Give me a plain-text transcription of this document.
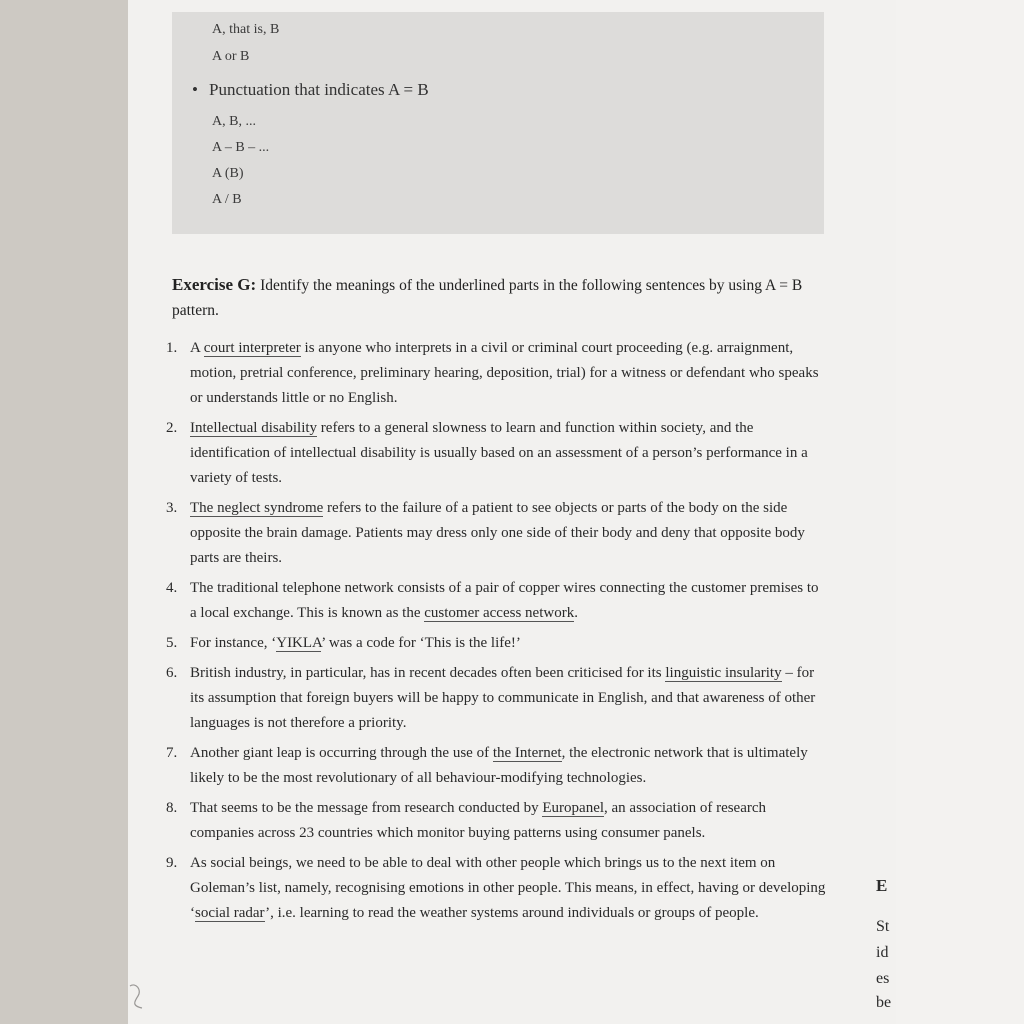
A, that is, B
A or B
• Punctuation that indicates A = B
A, B, ...
A – B – ...
A (B)
A / B
Exercise G: Identify the meanings of the underlined parts in the following sentences by using A = B pattern.
1. A court interpreter is anyone who interprets in a civil or criminal court proceeding (e.g. arraignment, motion, pretrial conference, preliminary hearing, deposition, trial) for a witness or defendant who speaks or understands little or no English.
2. Intellectual disability refers to a general slowness to learn and function within society, and the identification of intellectual disability is usually based on an assessment of a person’s performance in a variety of tests.
3. The neglect syndrome refers to the failure of a patient to see objects or parts of the body on the side opposite the brain damage. Patients may dress only one side of their body and deny that opposite body parts are theirs.
4. The traditional telephone network consists of a pair of copper wires connecting the customer premises to a local exchange. This is known as the customer access network.
5. For instance, ‘YIKLA’ was a code for ‘This is the life!’
6. British industry, in particular, has in recent decades often been criticised for its linguistic insularity – for its assumption that foreign buyers will be happy to communicate in English, and that awareness of other languages is not therefore a priority.
7. Another giant leap is occurring through the use of the Internet, the electronic network that is ultimately likely to be the most revolutionary of all behaviour-modifying technologies.
8. That seems to be the message from research conducted by Europanel, an association of research companies across 23 countries which monitor buying patterns using consumer panels.
9. As social beings, we need to be able to deal with other people which brings us to the next item on Goleman’s list, namely, recognising emotions in other people. This means, in effect, having or developing ‘social radar’, i.e. learning to read the weather systems around individuals or groups of people.
E
St
id
es
be
